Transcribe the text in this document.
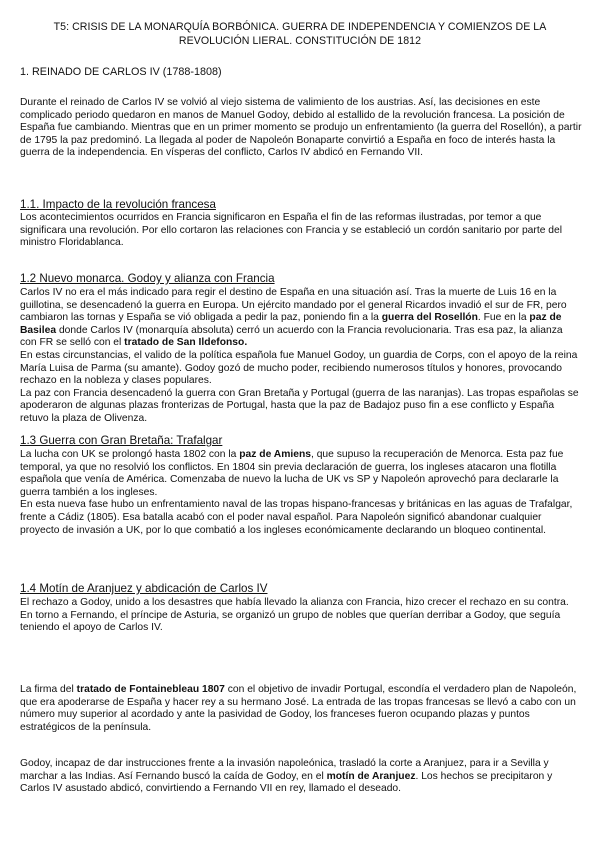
T5: CRISIS DE LA MONARQUÍA BORBÓNICA. GUERRA DE INDEPENDENCIA Y COMIENZOS DE LA
REVOLUCIÓN LIERAL. CONSTITUCIÓN DE 1812

1. REINADO DE CARLOS IV (1788-1808)

Durante el reinado de Carlos IV se volvió al viejo sistema de valimiento de los austrias. Así, las decisiones en este complicado periodo quedaron en manos de Manuel Godoy, debido al estallido de la revolución francesa. La posición de España fue cambiando. Mientras que en un primer momento se produjo un enfrentamiento (la guerra del Rosellón), a partir de 1795 la paz predominó. La llegada al poder de Napoleón Bonaparte convirtió a España en foco de interés hasta la guerra de la independencia. En vísperas del conflicto, Carlos IV abdicó en Fernando VII.

1.1. Impacto de la revolución francesa

Los acontecimientos ocurridos en Francia significaron en España el fin de las reformas ilustradas, por temor a que significara una revolución. Por ello cortaron las relaciones con Francia y se estableció un cordón sanitario por parte del ministro Floridablanca.

1.2 Nuevo monarca. Godoy y alianza con Francia

Carlos IV no era el más indicado para regir el destino de España en una situación así. Tras la muerte de Luis 16 en la guillotina, se desencadenó la guerra en Europa. Un ejército mandado por el general Ricardos invadió el sur de FR, pero cambiaron las tornas y España se vió obligada a pedir la paz, poniendo fin a la guerra del Rosellón. Fue en la paz de Basilea donde Carlos IV (monarquía absoluta) cerró un acuerdo con la Francia revolucionaria. Tras esa paz, la alianza con FR se selló con el tratado de San Ildefonso.

En estas circunstancias, el valido de la política española fue Manuel Godoy, un guardia de Corps, con el apoyo de la reina María Luisa de Parma (su amante). Godoy gozó de mucho poder, recibiendo numerosos títulos y honores, provocando rechazo en la nobleza y clases populares.

La paz con Francia desencadenó la guerra con Gran Bretaña y Portugal (guerra de las naranjas). Las tropas españolas se apoderaron de algunas plazas fronterizas de Portugal, hasta que la paz de Badajoz puso fin a ese conflicto y España retuvo la plaza de Olivenza.

1.3 Guerra con Gran Bretaña: Trafalgar

La lucha con UK se prolongó hasta 1802 con la paz de Amiens, que supuso la recuperación de Menorca. Esta paz fue temporal, ya que no resolvió los conflictos. En 1804 sin previa declaración de guerra, los ingleses atacaron una flotilla española que venía de América. Comenzaba de nuevo la lucha de UK vs SP y Napoleón aprovechó para declararle la guerra también a los ingleses.

En esta nueva fase hubo un enfrentamiento naval de las tropas hispano-francesas y británicas en las aguas de Trafalgar, frente a Cádiz (1805). Esa batalla acabó con el poder naval español. Para Napoleón significó abandonar cualquier proyecto de invasión a UK, por lo que combatió a los ingleses económicamente declarando un bloqueo continental.

1.4 Motín de Aranjuez y abdicación de Carlos IV

El rechazo a Godoy, unido a los desastres que había llevado la alianza con Francia, hizo crecer el rechazo en su contra. En torno a Fernando, el príncipe de Asturia, se organizó un grupo de nobles que querían derribar a Godoy, que seguía teniendo el apoyo de Carlos IV.

La firma del tratado de Fontainebleau 1807 con el objetivo de invadir Portugal, escondía el verdadero plan de Napoleón, que era apoderarse de España y hacer rey a su hermano José. La entrada de las tropas francesas se llevó a cabo con un número muy superior al acordado y ante la pasividad de Godoy, los franceses fueron ocupando plazas y puntos estratégicos de la península.

Godoy, incapaz de dar instrucciones frente a la invasión napoleónica, trasladó la corte a Aranjuez, para ir a Sevilla y marchar a las Indias. Así Fernando buscó la caída de Godoy, en el motín de Aranjuez. Los hechos se precipitaron y Carlos IV asustado abdicó, convirtiendo a Fernando VII en rey, llamado el deseado.
